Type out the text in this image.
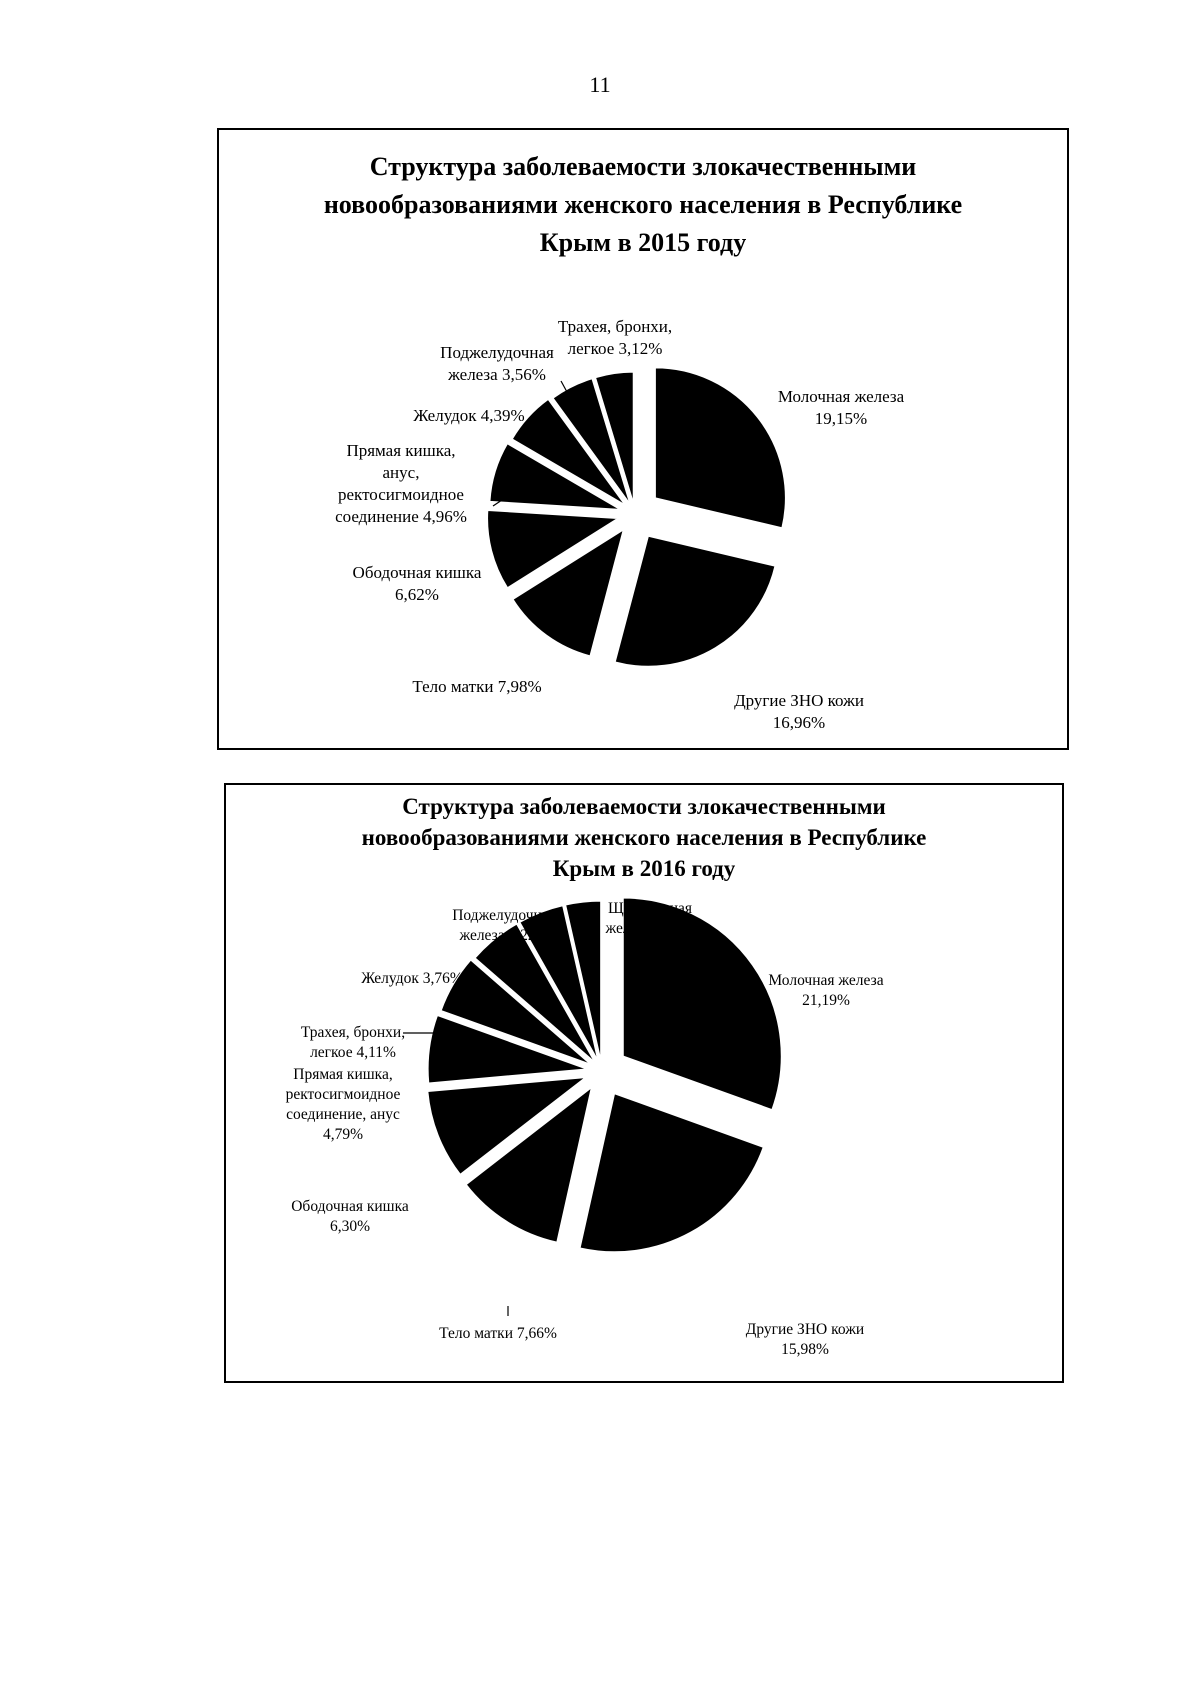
11
Структура заболеваемости злокачественными
новообразованиями женского населения в Республике
Крым в 2015 году
Молочная железа 19,15%
Другие ЗНО кожи 16,96%
Тело матки 7,98%
Ободочная кишка 6,62%
Прямая кишка, анус, ректосигмоидное соединение 4,96%
Желудок 4,39%
Поджелудочная железа 3,56%
Трахея, бронхи, легкое 3,12%
Структура заболеваемости злокачественными
новообразованиями женского населения в Республике
Крым в 2016 году
Молочная железа 21,19%
Другие ЗНО кожи 15,98%
Тело матки 7,66%
Ободочная кишка 6,30%
Прямая кишка, ректосигмоидное соединение, анус 4,79%
Трахея, бронхи, легкое 4,11%
Желудок 3,76%
Поджелудочная железа 3,22%
Щитовидная железа 2,47%
